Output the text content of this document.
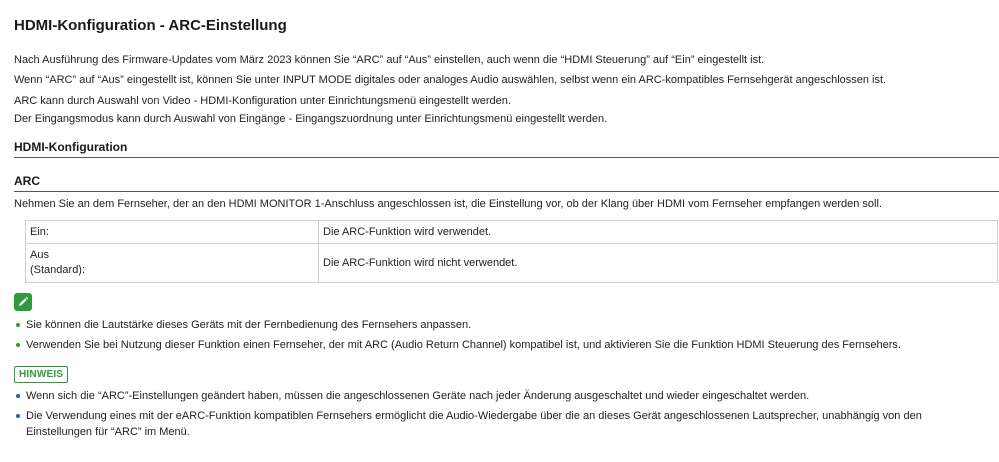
HDMI-Konfiguration - ARC-Einstellung

Nach Ausführung des Firmware-Updates vom März 2023 können Sie “ARC” auf “Aus” einstellen, auch wenn die “HDMI Steuerung” auf “Ein” eingestellt ist.

Wenn “ARC” auf “Aus” eingestellt ist, können Sie unter INPUT MODE digitales oder analoges Audio auswählen, selbst wenn ein ARC-kompatibles Fernsehgerät angeschlossen ist.

ARC kann durch Auswahl von Video - HDMI-Konfiguration unter Einrichtungsmenü eingestellt werden.

Der Eingangsmodus kann durch Auswahl von Eingänge - Eingangszuordnung unter Einrichtungsmenü eingestellt werden.

HDMI-Konfiguration
ARC

Nehmen Sie an dem Fernseher, der an den HDMI MONITOR 1-Anschluss angeschlossen ist, die Einstellung vor, ob der Klang über HDMI vom Fernseher empfangen werden soll.

Ein:	Die ARC-Funktion wird verwendet.

Aus
(Standard):	Die ARC-Funktion wird nicht verwendet.
Sie können die Lautstärke dieses Geräts mit der Fernbedienung des Fernsehers anpassen.
Verwenden Sie bei Nutzung dieser Funktion einen Fernseher, der mit ARC (Audio Return Channel) kompatibel ist, und aktivieren Sie die Funktion HDMI Steuerung des Fernsehers.
HINWEIS
Wenn sich die “ARC”-Einstellungen geändert haben, müssen die angeschlossenen Geräte nach jeder Änderung ausgeschaltet und wieder eingeschaltet werden.
Die Verwendung eines mit der eARC-Funktion kompatiblen Fernsehers ermöglicht die Audio-Wiedergabe über die an dieses Gerät angeschlossenen Lautsprecher, unabhängig von den Einstellungen für “ARC” im Menü.
